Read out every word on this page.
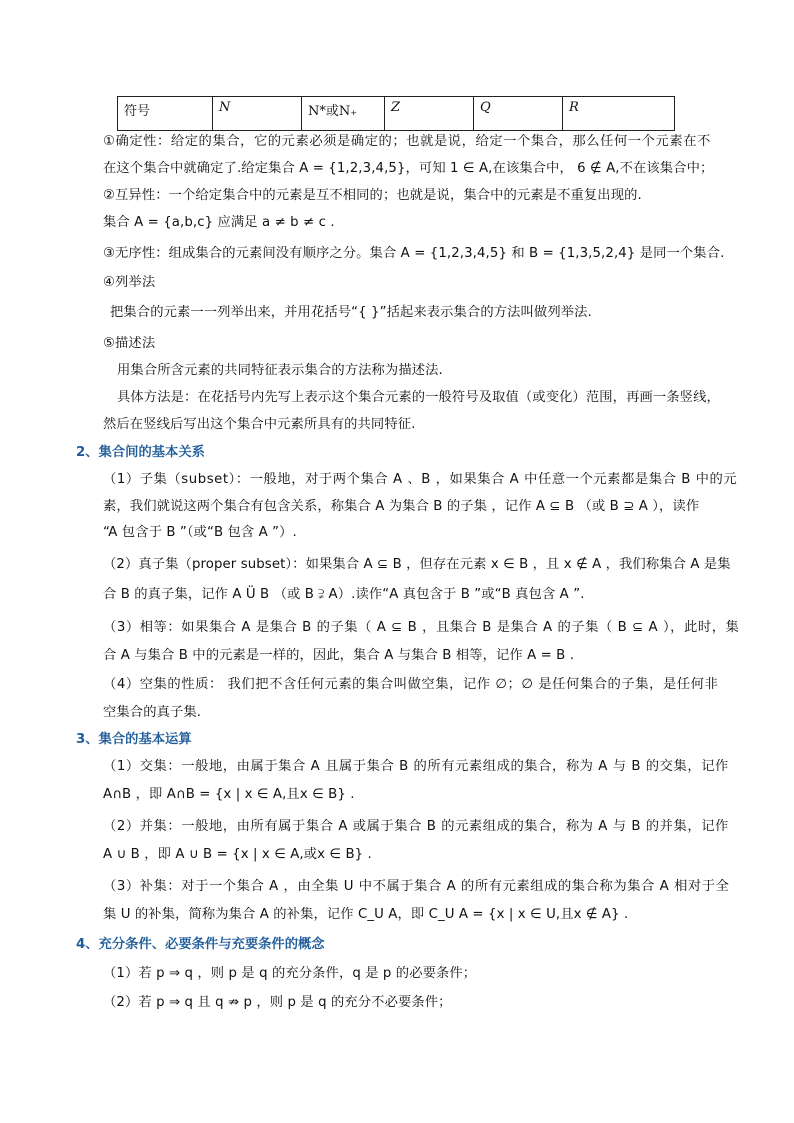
符号	N	N*或N₊	Z	Q	R
①确定性：给定的集合，它的元素必须是确定的；也就是说，给定一个集合，那么任何一个元素在不
在这个集合中就确定了.给定集合 A = {1,2,3,4,5}，可知 1 ∈ A,在该集合中， 6 ∉ A,不在该集合中；
②互异性：一个给定集合中的元素是互不相同的；也就是说，集合中的元素是不重复出现的.
集合 A = {a,b,c} 应满足 a ≠ b ≠ c .
③无序性：组成集合的元素间没有顺序之分。集合 A = {1,2,3,4,5} 和 B = {1,3,5,2,4} 是同一个集合.
④列举法
把集合的元素一一列举出来，并用花括号“{ }”括起来表示集合的方法叫做列举法.
⑤描述法
用集合所含元素的共同特征表示集合的方法称为描述法.
具体方法是：在花括号内先写上表示这个集合元素的一般符号及取值（或变化）范围，再画一条竖线，
然后在竖线后写出这个集合中元素所具有的共同特征.
2、集合间的基本关系
（1）子集（subset）：一般地，对于两个集合 A 、B ，如果集合 A 中任意一个元素都是集合 B 中的元
素，我们就说这两个集合有包含关系，称集合 A 为集合 B 的子集 ，记作 A ⊆ B （或 B ⊇ A ），读作
“A 包含于 B ”（或“B 包含 A ”）.
（2）真子集（proper subset）：如果集合 A ⊆ B ，但存在元素 x ∈ B ，且 x ∉ A ，我们称集合 A 是集
合 B 的真子集，记作 A Ü B （或 B ⫌ A）.读作“A 真包含于 B ”或“B 真包含 A ”.
（3）相等：如果集合 A 是集合 B 的子集（ A ⊆ B ，且集合 B 是集合 A 的子集（ B ⊆ A ），此时，集
合 A 与集合 B 中的元素是一样的，因此，集合 A 与集合 B 相等，记作 A = B .
（4）空集的性质： 我们把不含任何元素的集合叫做空集，记作 ∅；∅ 是任何集合的子集，是任何非
空集合的真子集.
3、集合的基本运算
（1）交集：一般地，由属于集合 A 且属于集合 B 的所有元素组成的集合，称为 A 与 B 的交集，记作
A∩B ，即 A∩B = {x | x ∈ A,且x ∈ B} .
（2）并集：一般地，由所有属于集合 A 或属于集合 B 的元素组成的集合，称为 A 与 B 的并集，记作
A ∪ B ，即 A ∪ B = {x | x ∈ A,或x ∈ B} .
（3）补集：对于一个集合 A ，由全集 U 中不属于集合 A 的所有元素组成的集合称为集合 A 相对于全
集 U 的补集，简称为集合 A 的补集，记作 C_U A，即 C_U A = {x | x ∈ U,且x ∉ A} .
4、充分条件、必要条件与充要条件的概念
（1）若 p ⇒ q ，则 p 是 q 的充分条件，q 是 p 的必要条件；
（2）若 p ⇒ q 且 q ⇏ p ，则 p 是 q 的充分不必要条件；
